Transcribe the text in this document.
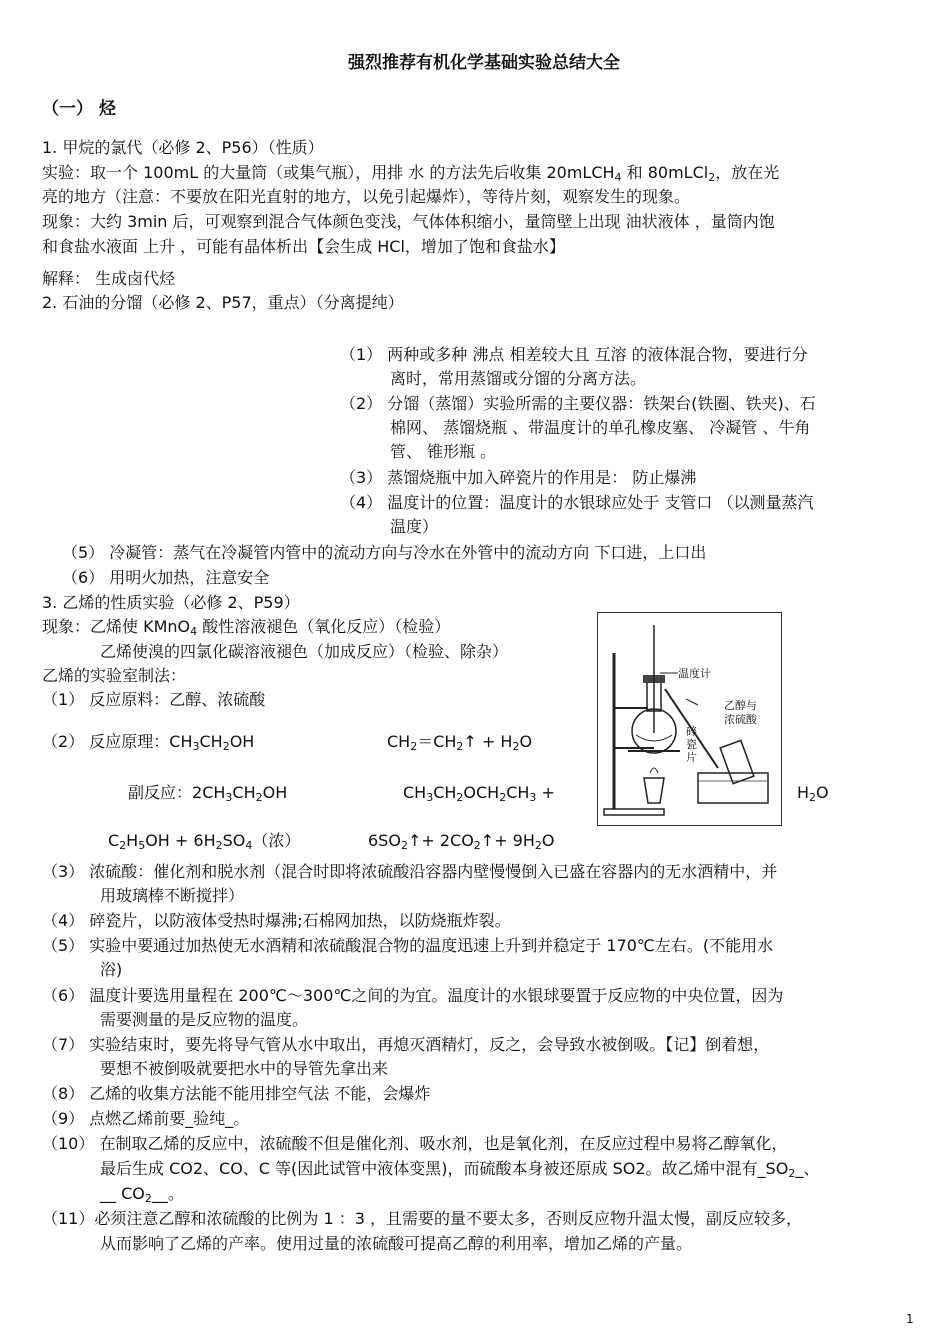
强烈推荐有机化学基础实验总结大全
（一） 烃
1. 甲烷的氯代（必修 2、P56）（性质）
实验：取一个 100mL 的大量筒（或集气瓶），用排 水 的方法先后收集 20mLCH$_4$ 和 80mLCl$_2$，放在光
亮的地方（注意：不要放在阳光直射的地方，以免引起爆炸），等待片刻，观察发生的现象。
现象：大约 3min 后，可观察到混合气体颜色变浅，气体体积缩小，量筒壁上出现 油状液体 ，量筒内饱
和食盐水液面 上升 ，可能有晶体析出【会生成 HCl，增加了饱和食盐水】
解释： 生成卤代烃
2. 石油的分馏（必修 2、P57，重点）（分离提纯）
（1） 两种或多种 沸点 相差较大且 互溶 的液体混合物，要进行分
离时，常用蒸馏或分馏的分离方法。
（2） 分馏（蒸馏）实验所需的主要仪器：铁架台(铁圈、铁夹)、石
棉网、 蒸馏烧瓶 、带温度计的单孔橡皮塞、 冷凝管 、牛角
管、 锥形瓶 。
（3） 蒸馏烧瓶中加入碎瓷片的作用是： 防止爆沸
（4） 温度计的位置：温度计的水银球应处于 支管口 （以测量蒸汽
温度）
（5） 冷凝管：蒸气在冷凝管内管中的流动方向与冷水在外管中的流动方向 下口进，上口出
（6） 用明火加热，注意安全
3. 乙烯的性质实验（必修 2、P59）
现象：乙烯使 KMnO$_4$ 酸性溶液褪色（氧化反应）（检验）
乙烯使溴的四氯化碳溶液褪色（加成反应）（检验、除杂）
乙烯的实验室制法：
（1） 反应原料：乙醇、浓硫酸
（2） 反应原理：$CH_3CH_2OH$	$CH_2=CH_2↑ + H_2O$
副反应：$2CH_3CH_2OH$	$CH_3CH_2OCH_2CH_3$ +	$H_2O$
$C_2H_5OH + 6H_2SO_4$（浓）	$6SO_2↑+$ $2CO_2↑+ 9H_2O$
（3） 浓硫酸：催化剂和脱水剂（混合时即将浓硫酸沿容器内壁慢慢倒入已盛在容器内的无水酒精中，并
用玻璃棒不断搅拌）
（4） 碎瓷片，以防液体受热时爆沸;石棉网加热，以防烧瓶炸裂。
（5） 实验中要通过加热使无水酒精和浓硫酸混合物的温度迅速上升到并稳定于 170℃左右。(不能用水
浴)
（6） 温度计要选用量程在 200℃～300℃之间的为宜。温度计的水银球要置于反应物的中央位置，因为
需要测量的是反应物的温度。
（7） 实验结束时，要先将导气管从水中取出，再熄灭酒精灯，反之，会导致水被倒吸。【记】倒着想，
要想不被倒吸就要把水中的导管先拿出来
（8） 乙烯的收集方法能不能用排空气法 不能，会爆炸
（9） 点燃乙烯前要_验纯_。
（10） 在制取乙烯的反应中，浓硫酸不但是催化剂、吸水剂，也是氧化剂，在反应过程中易将乙醇氧化，
最后生成 CO2、CO、C 等(因此试管中液体变黑)，而硫酸本身被还原成 SO2。故乙烯中混有$\_SO_2\_$、
__ $CO_2\_\_$。
（11）必须注意乙醇和浓硫酸的比例为 1 ：3 ，且需要的量不要太多，否则反应物升温太慢，副反应较多，
从而影响了乙烯的产率。使用过量的浓硫酸可提高乙醇的利用率，增加乙烯的产量。
温度计
乙醇与
浓硫酸
碎
瓷
片
1
